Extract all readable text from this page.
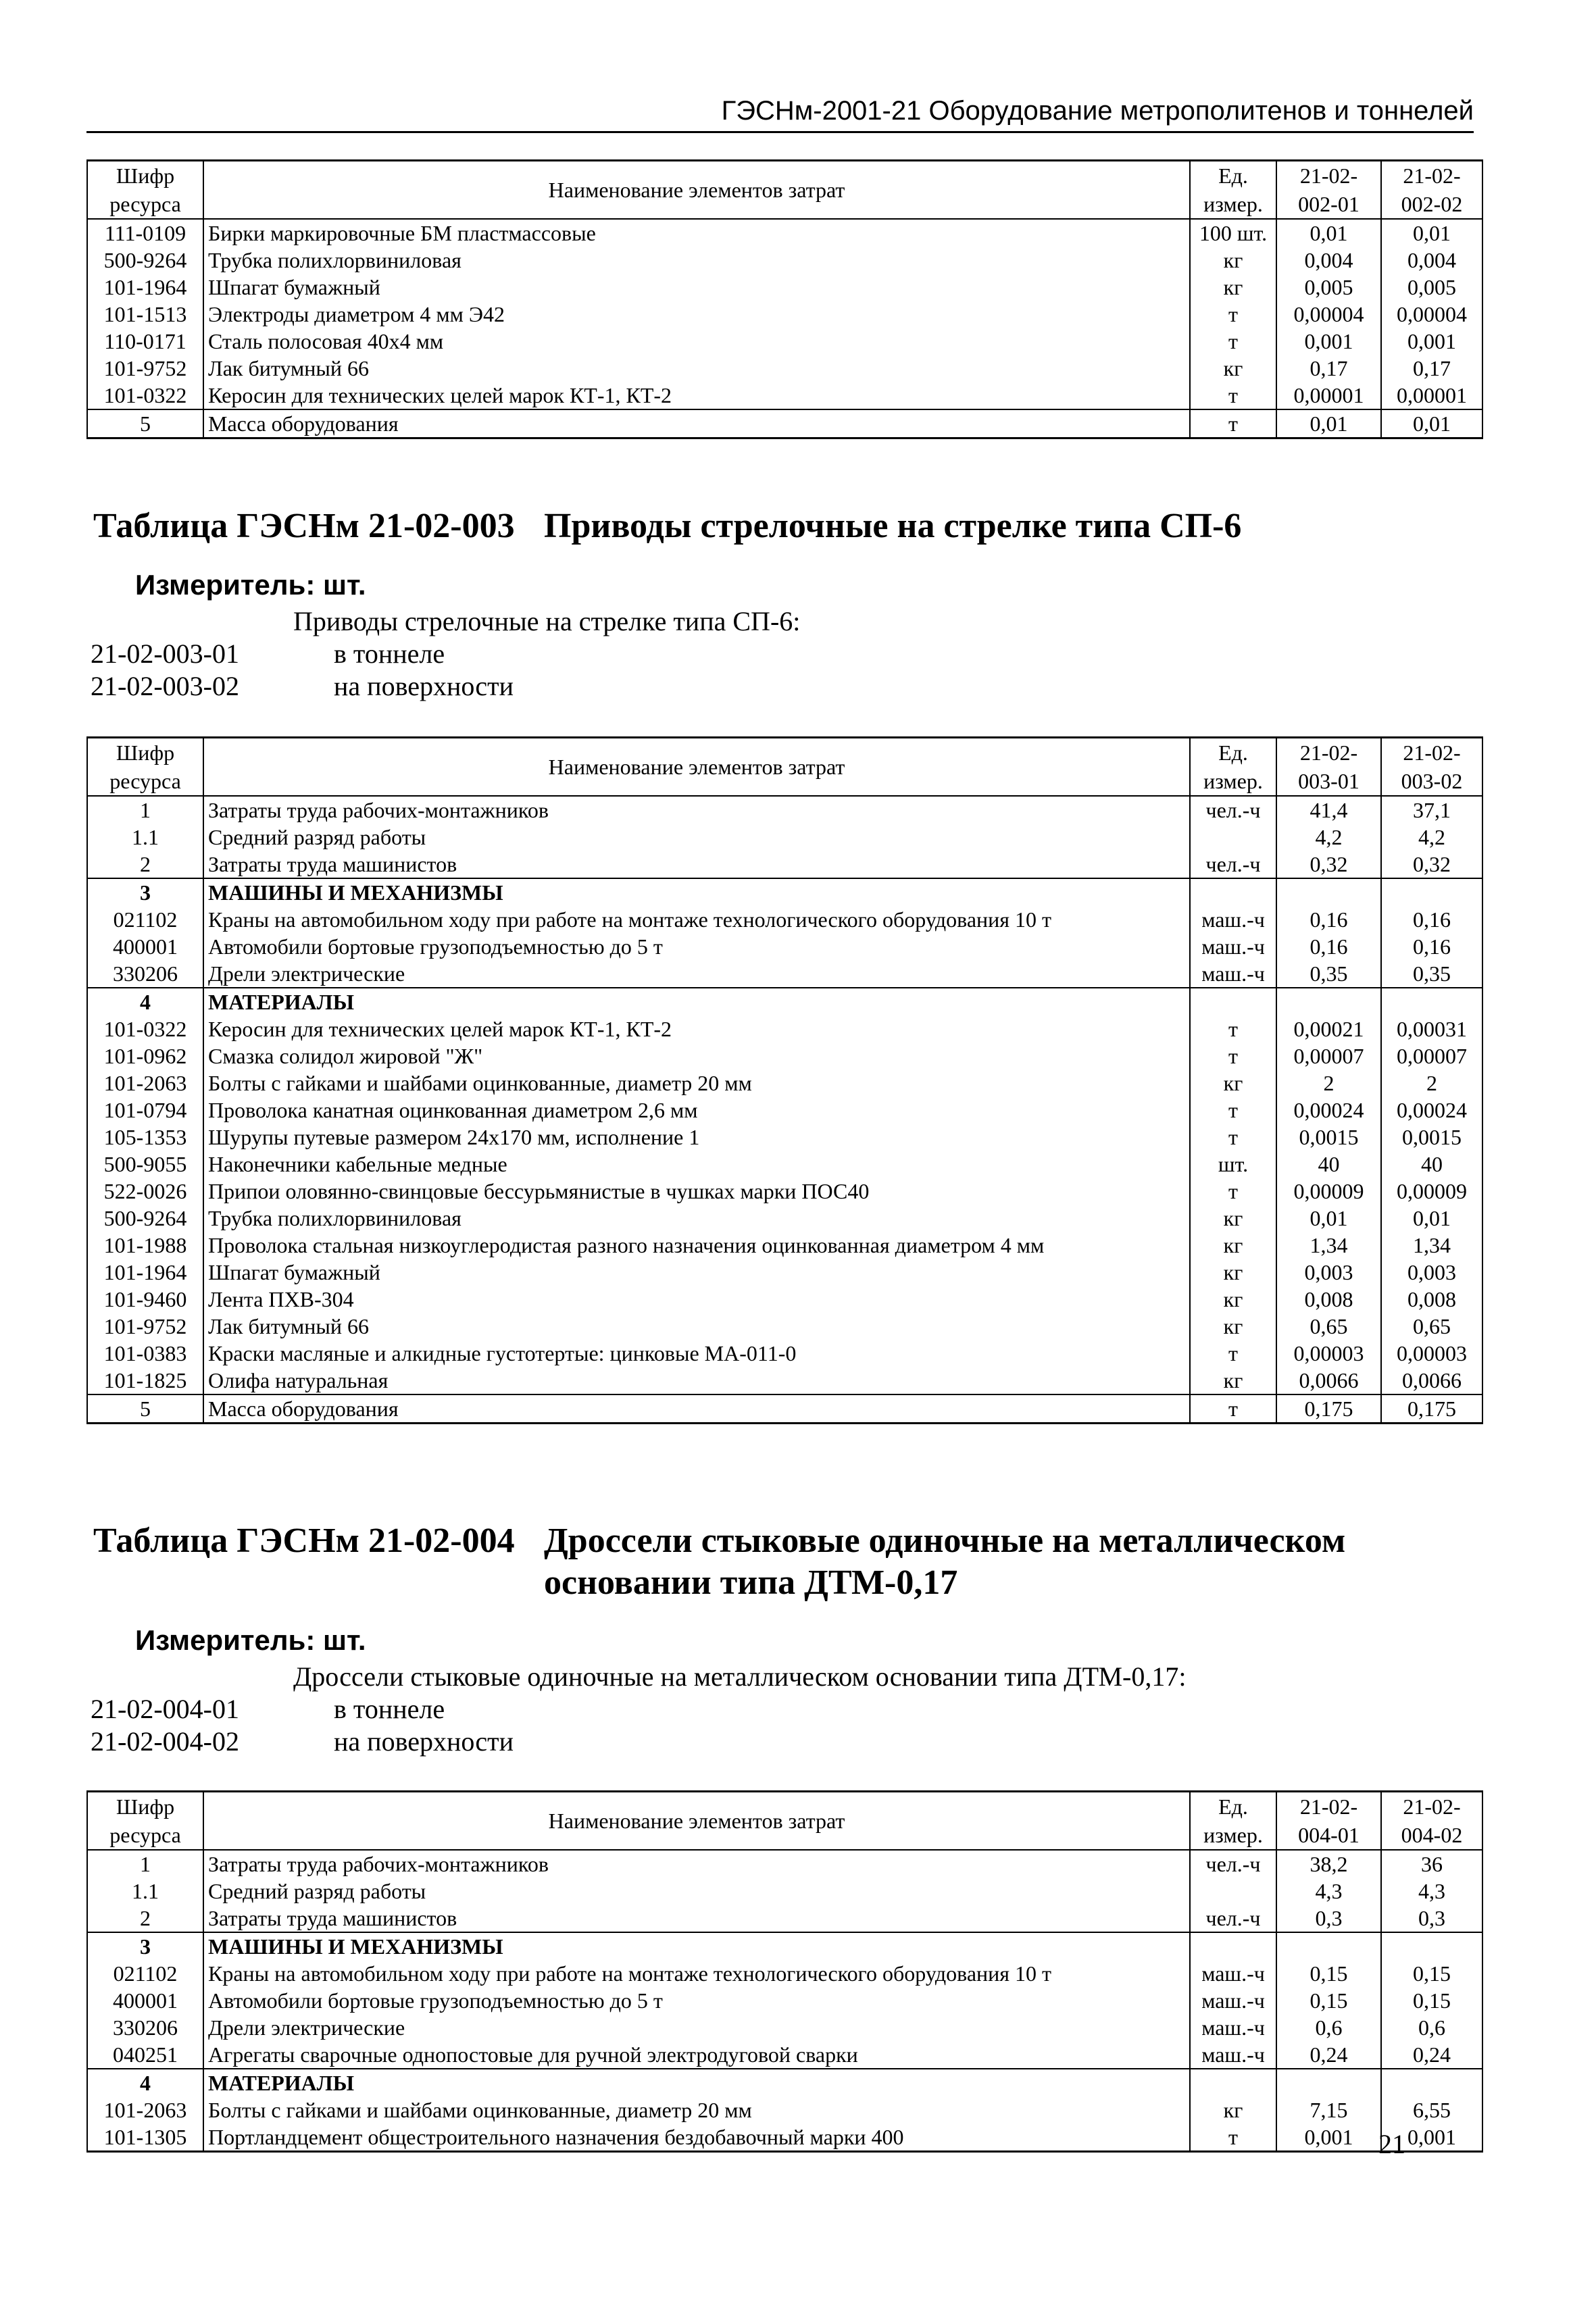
ГЭСНм-2001-21 Оборудование метрополитенов и тоннелей
Шифр ресурса	Наименование элементов затрат	Ед. измер.	21-02-002-01	21-02-002-02
111-0109	Бирки маркировочные БМ пластмассовые	100 шт.	0,01	0,01
500-9264	Трубка полихлорвиниловая	кг	0,004	0,004
101-1964	Шпагат бумажный	кг	0,005	0,005
101-1513	Электроды диаметром 4 мм Э42	т	0,00004	0,00004
110-0171	Сталь полосовая 40х4 мм	т	0,001	0,001
101-9752	Лак битумный 66	кг	0,17	0,17
101-0322	Керосин для технических целей марок КТ-1, КТ-2	т	0,00001	0,00001
5	Масса оборудования	т	0,01	0,01
Таблица ГЭСНм 21-02-003 Приводы стрелочные на стрелке типа СП-6
Измеритель: шт.
Приводы стрелочные на стрелке типа СП-6:
21-02-003-01	в тоннеле
21-02-003-02	на поверхности
Шифр ресурса	Наименование элементов затрат	Ед. измер.	21-02-003-01	21-02-003-02
1	Затраты труда рабочих-монтажников	чел.-ч	41,4	37,1
1.1	Средний разряд работы		4,2	4,2
2	Затраты труда машинистов	чел.-ч	0,32	0,32
3	МАШИНЫ И МЕХАНИЗМЫ			
021102	Краны на автомобильном ходу при работе на монтаже технологического оборудования 10 т	маш.-ч	0,16	0,16
400001	Автомобили бортовые грузоподъемностью до 5 т	маш.-ч	0,16	0,16
330206	Дрели электрические	маш.-ч	0,35	0,35
4	МАТЕРИАЛЫ			
101-0322	Керосин для технических целей марок КТ-1, КТ-2	т	0,00021	0,00031
101-0962	Смазка солидол жировой "Ж"	т	0,00007	0,00007
101-2063	Болты с гайками и шайбами оцинкованные, диаметр 20 мм	кг	2	2
101-0794	Проволока канатная оцинкованная диаметром 2,6 мм	т	0,00024	0,00024
105-1353	Шурупы путевые размером 24х170 мм, исполнение 1	т	0,0015	0,0015
500-9055	Наконечники кабельные медные	шт.	40	40
522-0026	Припои оловянно-свинцовые бессурьмянистые в чушках марки ПОС40	т	0,00009	0,00009
500-9264	Трубка полихлорвиниловая	кг	0,01	0,01
101-1988	Проволока стальная низкоуглеродистая разного назначения оцинкованная диаметром 4 мм	кг	1,34	1,34
101-1964	Шпагат бумажный	кг	0,003	0,003
101-9460	Лента ПХВ-304	кг	0,008	0,008
101-9752	Лак битумный 66	кг	0,65	0,65
101-0383	Краски масляные и алкидные густотертые: цинковые МА-011-0	т	0,00003	0,00003
101-1825	Олифа натуральная	кг	0,0066	0,0066
5	Масса оборудования	т	0,175	0,175
Таблица ГЭСНм 21-02-004 Дроссели стыковые одиночные на металлическом
основании типа ДТМ-0,17
Измеритель: шт.
Дроссели стыковые одиночные на металлическом основании типа ДТМ-0,17:
21-02-004-01	в тоннеле
21-02-004-02	на поверхности
Шифр ресурса	Наименование элементов затрат	Ед. измер.	21-02-004-01	21-02-004-02
1	Затраты труда рабочих-монтажников	чел.-ч	38,2	36
1.1	Средний разряд работы		4,3	4,3
2	Затраты труда машинистов	чел.-ч	0,3	0,3
3	МАШИНЫ И МЕХАНИЗМЫ			
021102	Краны на автомобильном ходу при работе на монтаже технологического оборудования 10 т	маш.-ч	0,15	0,15
400001	Автомобили бортовые грузоподъемностью до 5 т	маш.-ч	0,15	0,15
330206	Дрели электрические	маш.-ч	0,6	0,6
040251	Агрегаты сварочные однопостовые для ручной электродуговой сварки	маш.-ч	0,24	0,24
4	МАТЕРИАЛЫ			
101-2063	Болты с гайками и шайбами оцинкованные, диаметр 20 мм	кг	7,15	6,55
101-1305	Портландцемент общестроительного назначения бездобавочный марки 400	т	0,001	0,001
21
